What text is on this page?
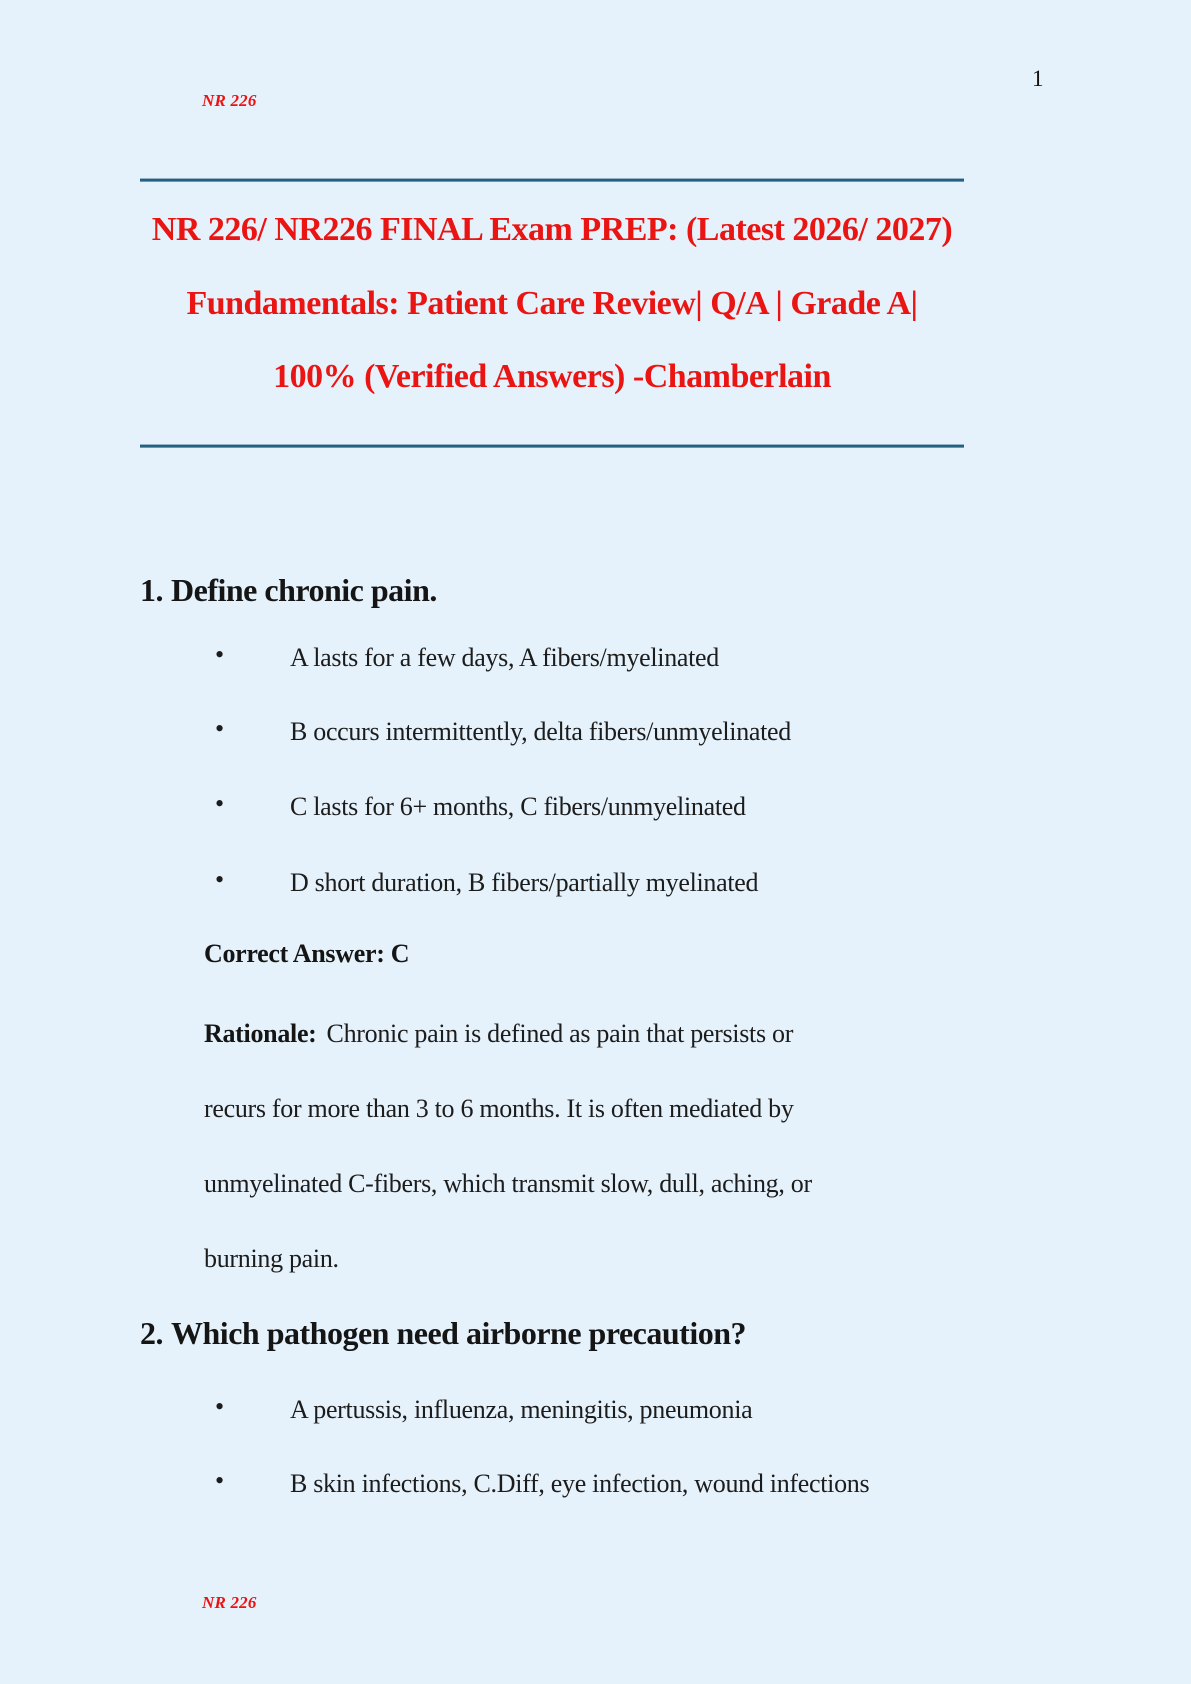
NR 226
1
NR 226/ NR226 FINAL Exam PREP: (Latest 2026/ 2027)
Fundamentals: Patient Care Review| Q/A | Grade A|
100% (Verified Answers) -Chamberlain
1. Define chronic pain.
•	A lasts for a few days, A fibers/myelinated
•	B occurs intermittently, delta fibers/unmyelinated
•	C lasts for 6+ months, C fibers/unmyelinated
•	D short duration, B fibers/partially myelinated
Correct Answer: C
Rationale: Chronic pain is defined as pain that persists or
recurs for more than 3 to 6 months. It is often mediated by
unmyelinated C-fibers, which transmit slow, dull, aching, or
burning pain.
2. Which pathogen need airborne precaution?
•	A pertussis, influenza, meningitis, pneumonia
•	B skin infections, C.Diff, eye infection, wound infections
NR 226
